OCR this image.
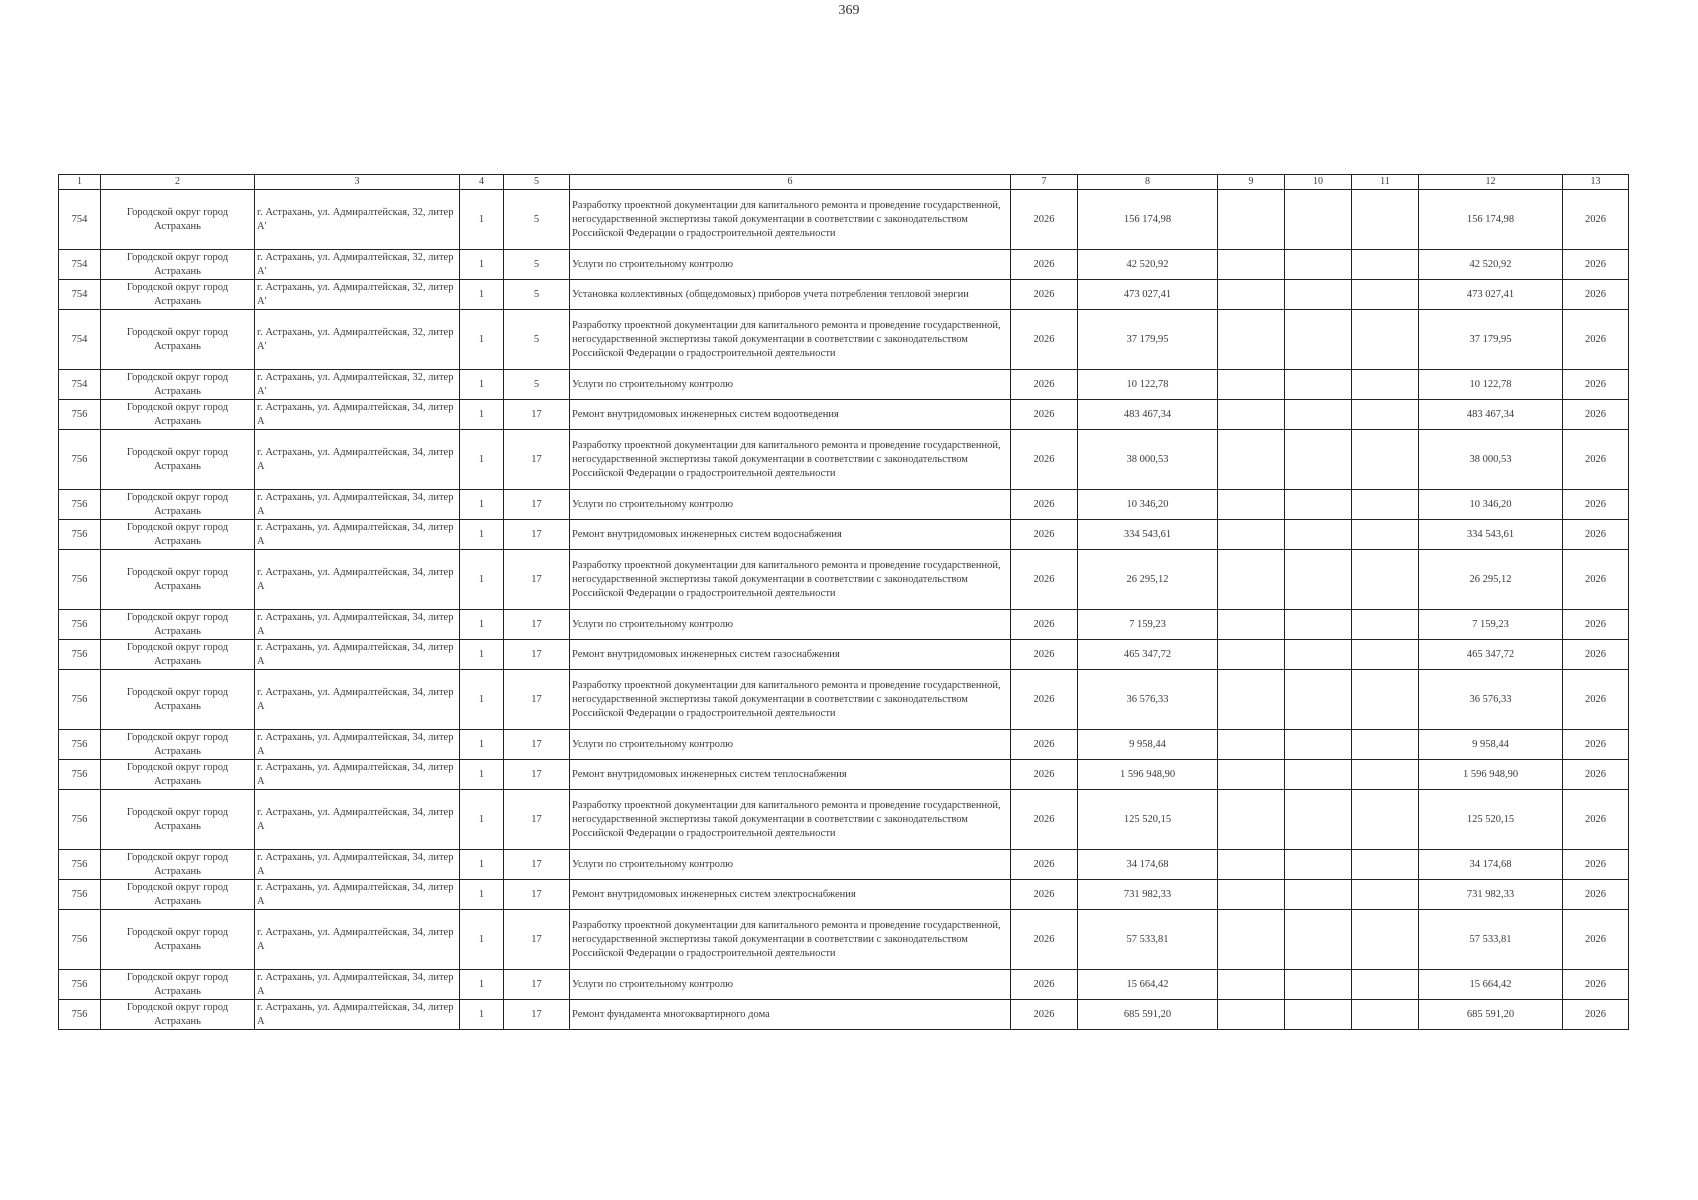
369
1	2	3	4	5	6	7	8	9	10	11	12	13
754	Городской округ город Астрахань	г. Астрахань, ул. Адмиралтейская, 32, литер А'	1	5	Разработку проектной документации для капитального ремонта и проведение государственной, негосударственной экспертизы такой документации в соответствии с законодательством Российской Федерации о градостроительной деятельности	2026	156 174,98				156 174,98	2026
754	Городской округ город Астрахань	г. Астрахань, ул. Адмиралтейская, 32, литер А'	1	5	Услуги по строительному контролю	2026	42 520,92				42 520,92	2026
754	Городской округ город Астрахань	г. Астрахань, ул. Адмиралтейская, 32, литер А'	1	5	Установка коллективных (общедомовых) приборов учета потребления тепловой энергии	2026	473 027,41				473 027,41	2026
754	Городской округ город Астрахань	г. Астрахань, ул. Адмиралтейская, 32, литер А'	1	5	Разработку проектной документации для капитального ремонта и проведение государственной, негосударственной экспертизы такой документации в соответствии с законодательством Российской Федерации о градостроительной деятельности	2026	37 179,95				37 179,95	2026
754	Городской округ город Астрахань	г. Астрахань, ул. Адмиралтейская, 32, литер А'	1	5	Услуги по строительному контролю	2026	10 122,78				10 122,78	2026
756	Городской округ город Астрахань	г. Астрахань, ул. Адмиралтейская, 34, литер А	1	17	Ремонт внутридомовых инженерных систем водоотведения	2026	483 467,34				483 467,34	2026
756	Городской округ город Астрахань	г. Астрахань, ул. Адмиралтейская, 34, литер А	1	17	Разработку проектной документации для капитального ремонта и проведение государственной, негосударственной экспертизы такой документации в соответствии с законодательством Российской Федерации о градостроительной деятельности	2026	38 000,53				38 000,53	2026
756	Городской округ город Астрахань	г. Астрахань, ул. Адмиралтейская, 34, литер А	1	17	Услуги по строительному контролю	2026	10 346,20				10 346,20	2026
756	Городской округ город Астрахань	г. Астрахань, ул. Адмиралтейская, 34, литер А	1	17	Ремонт внутридомовых инженерных систем водоснабжения	2026	334 543,61				334 543,61	2026
756	Городской округ город Астрахань	г. Астрахань, ул. Адмиралтейская, 34, литер А	1	17	Разработку проектной документации для капитального ремонта и проведение государственной, негосударственной экспертизы такой документации в соответствии с законодательством Российской Федерации о градостроительной деятельности	2026	26 295,12				26 295,12	2026
756	Городской округ город Астрахань	г. Астрахань, ул. Адмиралтейская, 34, литер А	1	17	Услуги по строительному контролю	2026	7 159,23				7 159,23	2026
756	Городской округ город Астрахань	г. Астрахань, ул. Адмиралтейская, 34, литер А	1	17	Ремонт внутридомовых инженерных систем газоснабжения	2026	465 347,72				465 347,72	2026
756	Городской округ город Астрахань	г. Астрахань, ул. Адмиралтейская, 34, литер А	1	17	Разработку проектной документации для капитального ремонта и проведение государственной, негосударственной экспертизы такой документации в соответствии с законодательством Российской Федерации о градостроительной деятельности	2026	36 576,33				36 576,33	2026
756	Городской округ город Астрахань	г. Астрахань, ул. Адмиралтейская, 34, литер А	1	17	Услуги по строительному контролю	2026	9 958,44				9 958,44	2026
756	Городской округ город Астрахань	г. Астрахань, ул. Адмиралтейская, 34, литер А	1	17	Ремонт внутридомовых инженерных систем теплоснабжения	2026	1 596 948,90				1 596 948,90	2026
756	Городской округ город Астрахань	г. Астрахань, ул. Адмиралтейская, 34, литер А	1	17	Разработку проектной документации для капитального ремонта и проведение государственной, негосударственной экспертизы такой документации в соответствии с законодательством Российской Федерации о градостроительной деятельности	2026	125 520,15				125 520,15	2026
756	Городской округ город Астрахань	г. Астрахань, ул. Адмиралтейская, 34, литер А	1	17	Услуги по строительному контролю	2026	34 174,68				34 174,68	2026
756	Городской округ город Астрахань	г. Астрахань, ул. Адмиралтейская, 34, литер А	1	17	Ремонт внутридомовых инженерных систем электроснабжения	2026	731 982,33				731 982,33	2026
756	Городской округ город Астрахань	г. Астрахань, ул. Адмиралтейская, 34, литер А	1	17	Разработку проектной документации для капитального ремонта и проведение государственной, негосударственной экспертизы такой документации в соответствии с законодательством Российской Федерации о градостроительной деятельности	2026	57 533,81				57 533,81	2026
756	Городской округ город Астрахань	г. Астрахань, ул. Адмиралтейская, 34, литер А	1	17	Услуги по строительному контролю	2026	15 664,42				15 664,42	2026
756	Городской округ город Астрахань	г. Астрахань, ул. Адмиралтейская, 34, литер А	1	17	Ремонт фундамента многоквартирного дома	2026	685 591,20				685 591,20	2026
